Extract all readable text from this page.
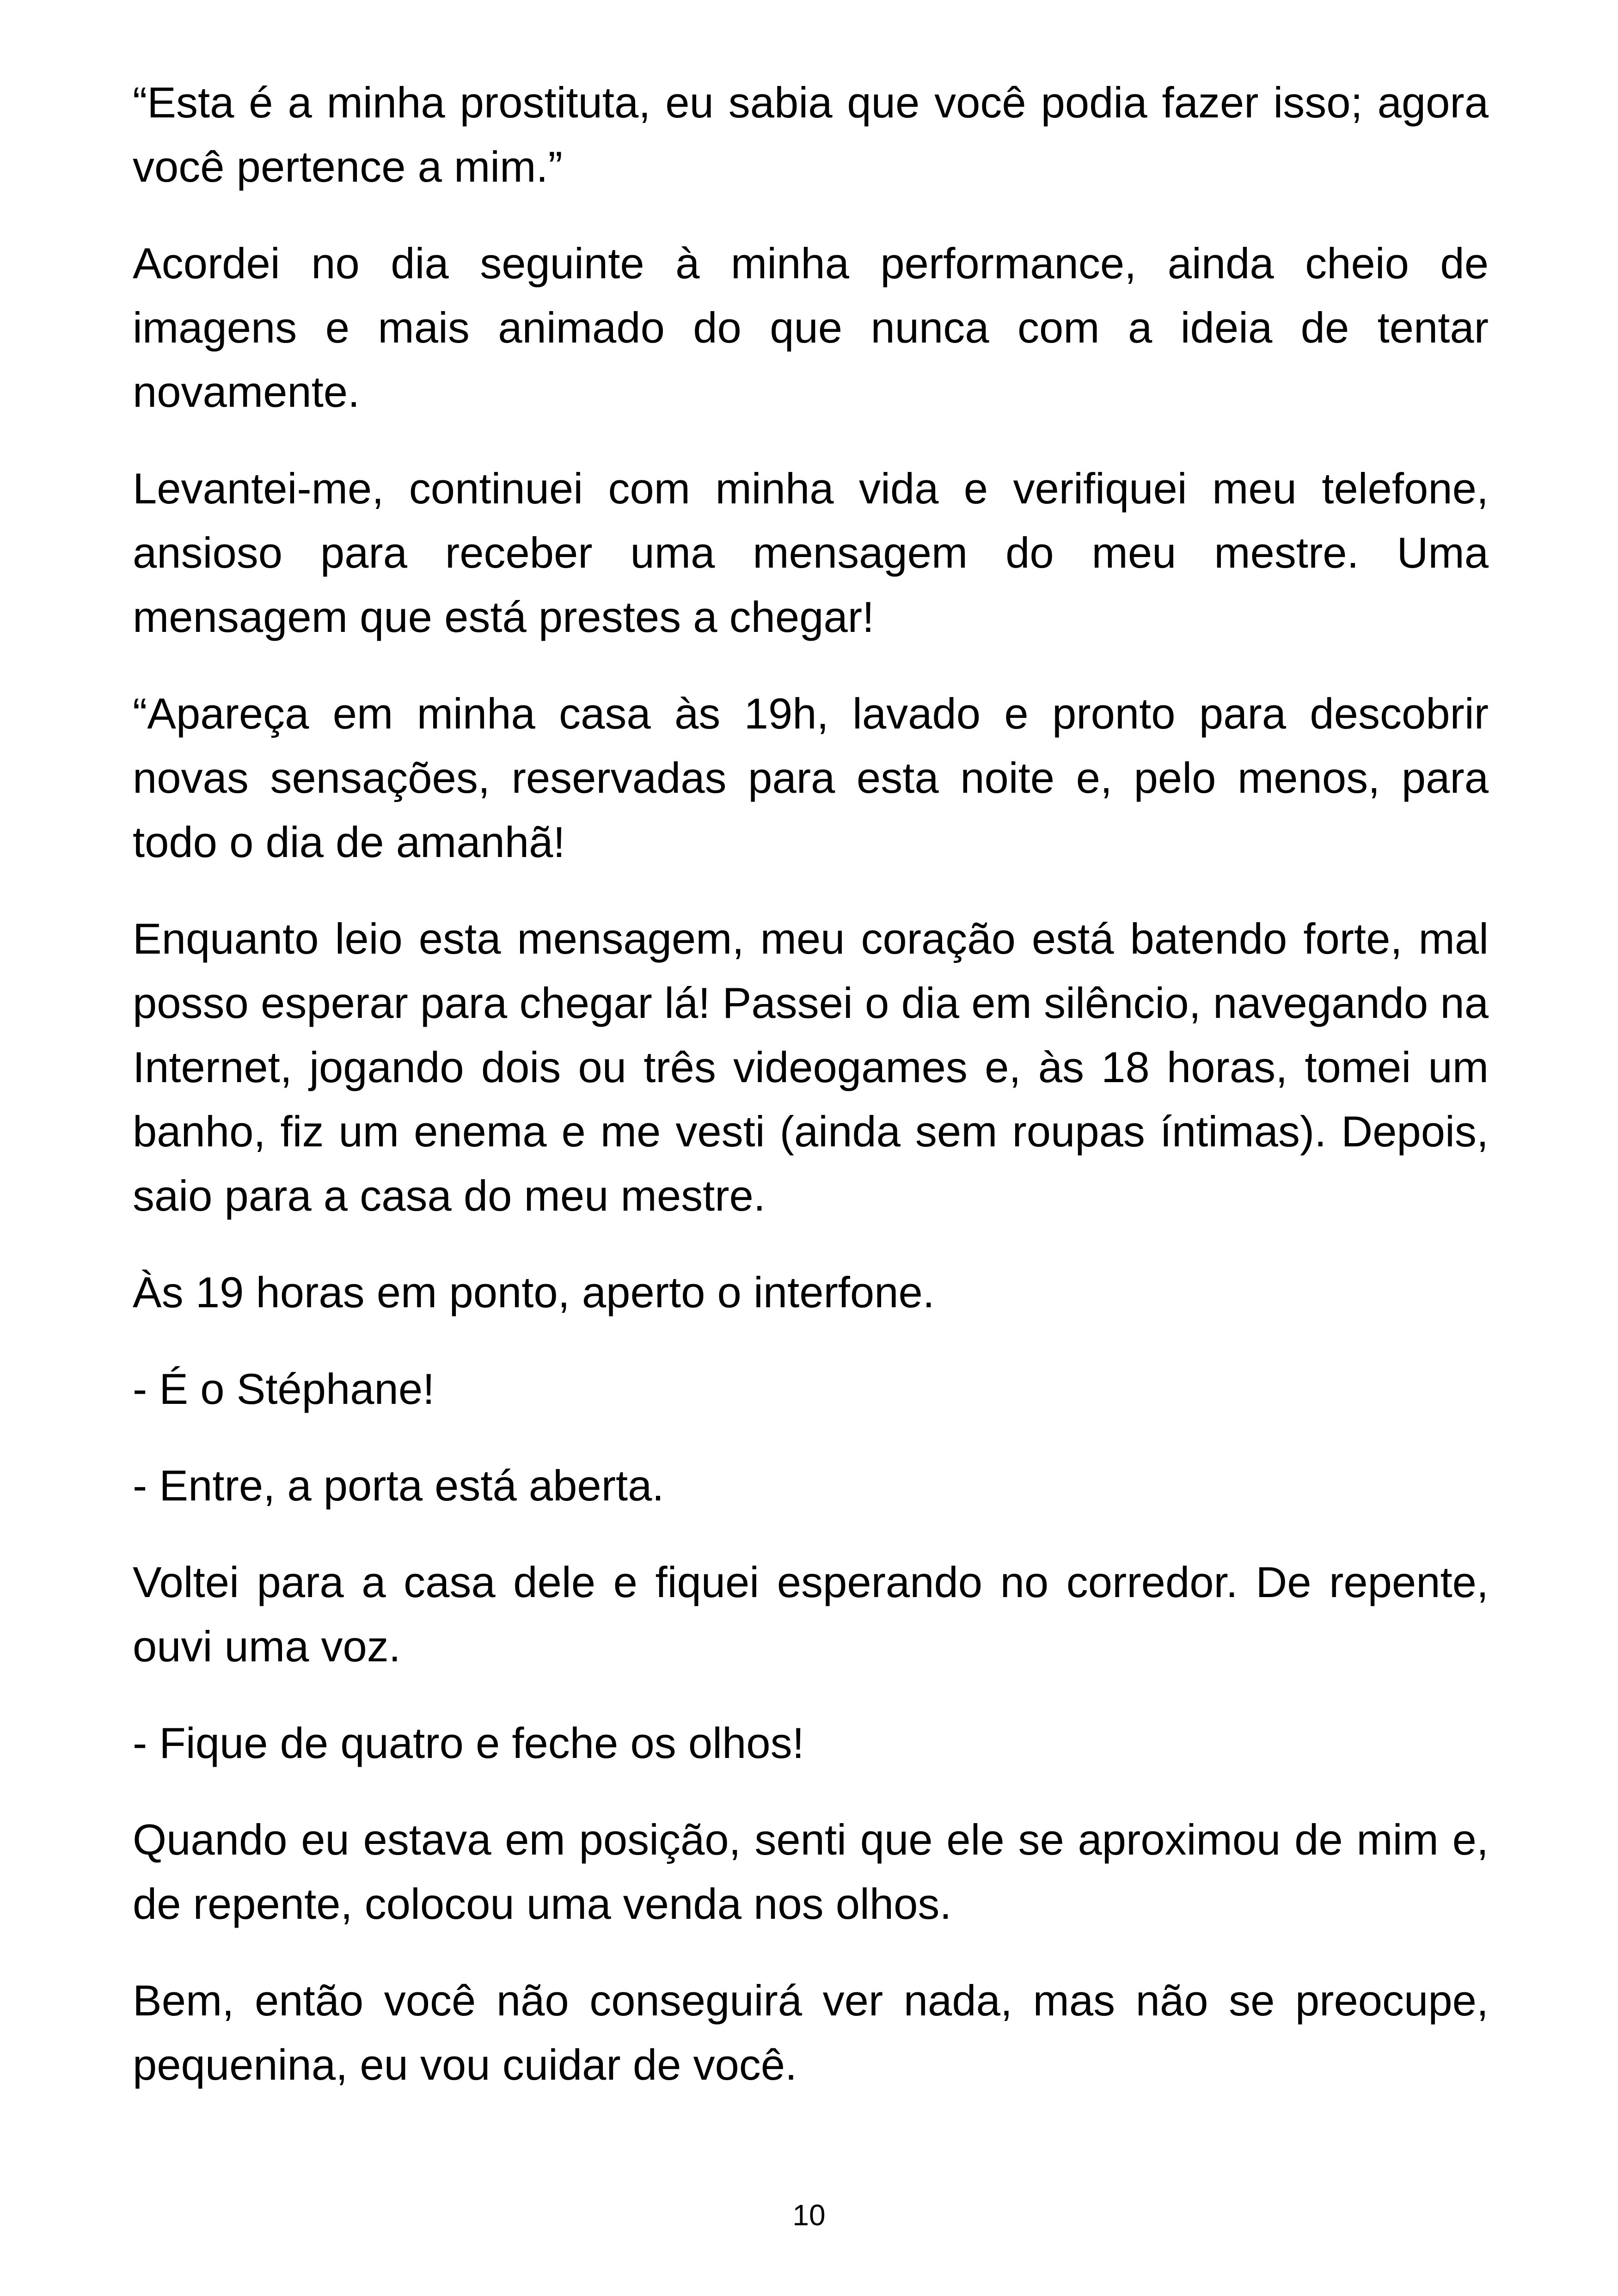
“Esta é a minha prostituta, eu sabia que você podia fazer isso; agora você pertence a mim.”

Acordei no dia seguinte à minha performance, ainda cheio de imagens e mais animado do que nunca com a ideia de tentar novamente.

Levantei-me, continuei com minha vida e verifiquei meu telefone, ansioso para receber uma mensagem do meu mestre. Uma mensagem que está prestes a chegar!

“Apareça em minha casa às 19h, lavado e pronto para descobrir novas sensações, reservadas para esta noite e, pelo menos, para todo o dia de amanhã!

Enquanto leio esta mensagem, meu coração está batendo forte, mal posso esperar para chegar lá! Passei o dia em silêncio, navegando na Internet, jogando dois ou três videogames e, às 18 horas, tomei um banho, fiz um enema e me vesti (ainda sem roupas íntimas). Depois, saio para a casa do meu mestre.

Às 19 horas em ponto, aperto o interfone.

- É o Stéphane!

- Entre, a porta está aberta.

Voltei para a casa dele e fiquei esperando no corredor. De repente, ouvi uma voz.

- Fique de quatro e feche os olhos!

Quando eu estava em posição, senti que ele se aproximou de mim e, de repente, colocou uma venda nos olhos.

Bem, então você não conseguirá ver nada, mas não se preocupe, pequenina, eu vou cuidar de você.

10
